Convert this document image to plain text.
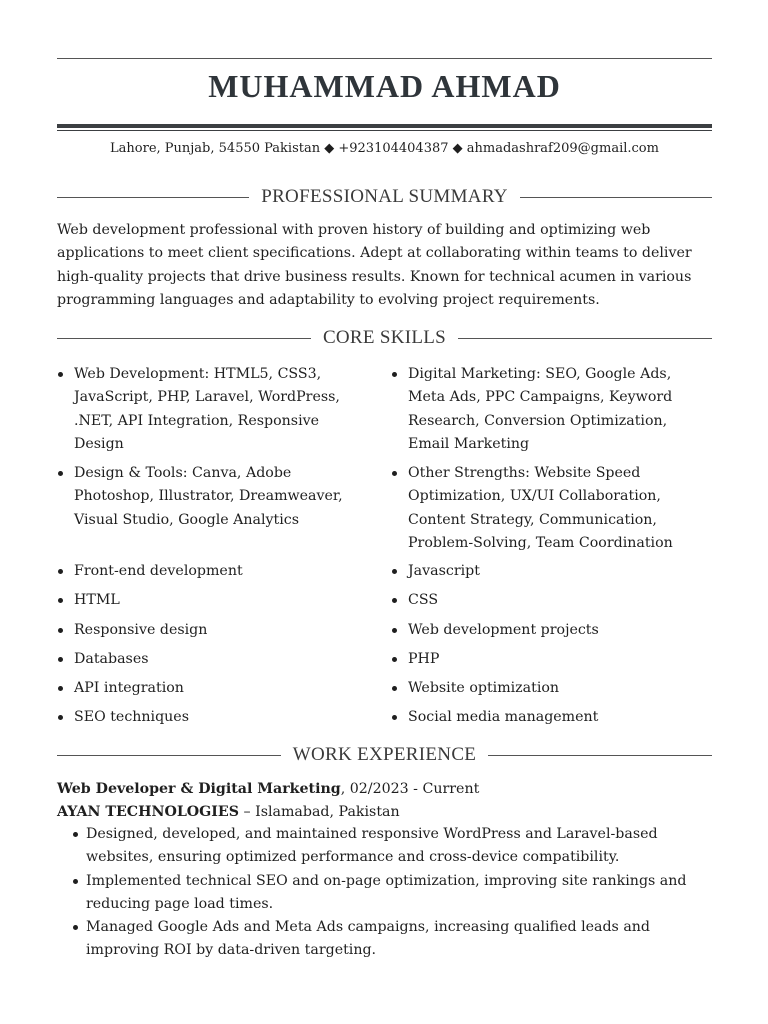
MUHAMMAD AHMAD
Lahore, Punjab, 54550 Pakistan ◆ +923104404387 ◆ ahmadashraf209@gmail.com
PROFESSIONAL SUMMARY
Web development professional with proven history of building and optimizing web applications to meet client specifications. Adept at collaborating within teams to deliver high-quality projects that drive business results. Known for technical acumen in various programming languages and adaptability to evolving project requirements.
CORE SKILLS
Web Development: HTML5, CSS3, JavaScript, PHP, Laravel, WordPress, .NET, API Integration, Responsive Design
Design & Tools: Canva, Adobe Photoshop, Illustrator, Dreamweaver, Visual Studio, Google Analytics
Digital Marketing: SEO, Google Ads, Meta Ads, PPC Campaigns, Keyword Research, Conversion Optimization, Email Marketing
Other Strengths: Website Speed Optimization, UX/UI Collaboration, Content Strategy, Communication, Problem-Solving, Team Coordination
Front-end development
HTML
Responsive design
Databases
API integration
SEO techniques
Javascript
CSS
Web development projects
PHP
Website optimization
Social media management
WORK EXPERIENCE
Web Developer & Digital Marketing, 02/2023 - Current
AYAN TECHNOLOGIES – Islamabad, Pakistan
Designed, developed, and maintained responsive WordPress and Laravel-based websites, ensuring optimized performance and cross-device compatibility.
Implemented technical SEO and on-page optimization, improving site rankings and reducing page load times.
Managed Google Ads and Meta Ads campaigns, increasing qualified leads and improving ROI by data-driven targeting.
